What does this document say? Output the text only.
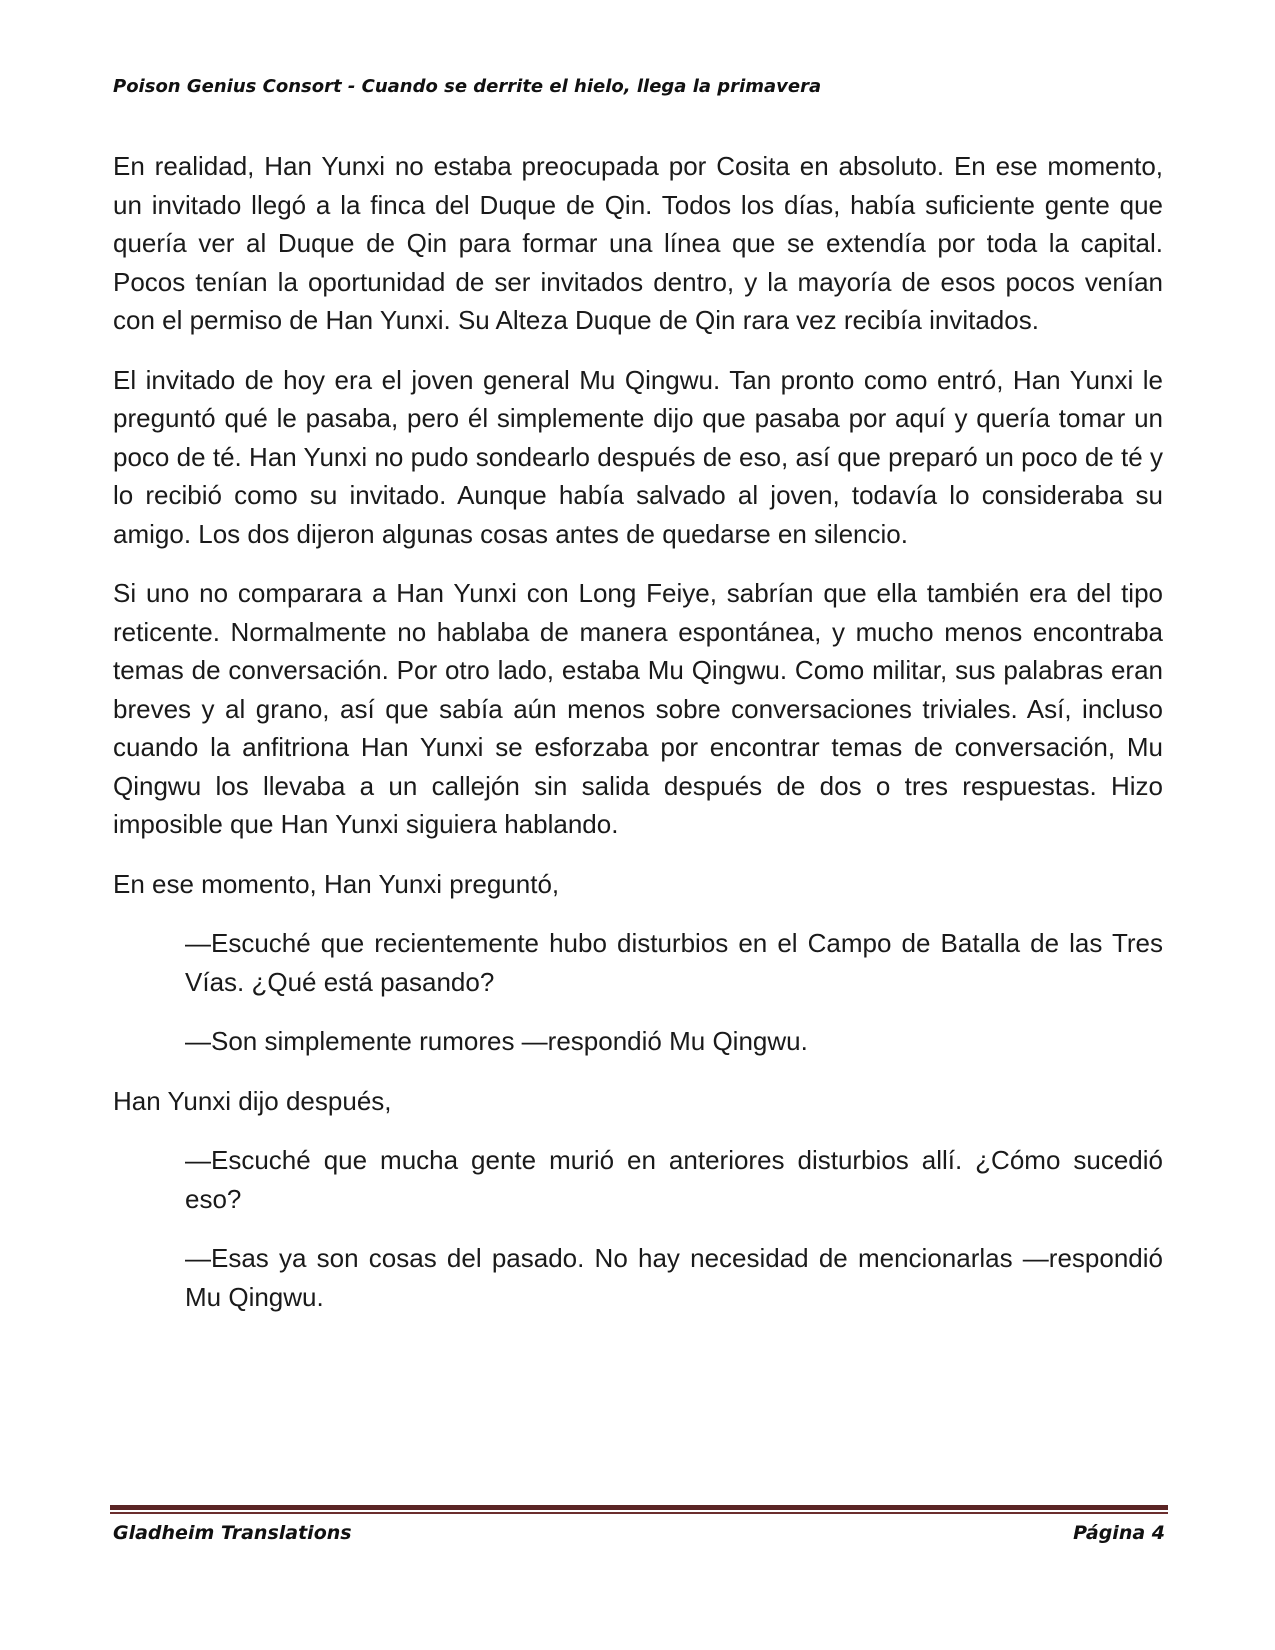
Poison Genius Consort - Cuando se derrite el hielo, llega la primavera

En realidad, Han Yunxi no estaba preocupada por Cosita en absoluto. En ese momento, un invitado llegó a la finca del Duque de Qin. Todos los días, había suficiente gente que quería ver al Duque de Qin para formar una línea que se extendía por toda la capital. Pocos tenían la oportunidad de ser invitados dentro, y la mayoría de esos pocos venían con el permiso de Han Yunxi. Su Alteza Duque de Qin rara vez recibía invitados.

El invitado de hoy era el joven general Mu Qingwu. Tan pronto como entró, Han Yunxi le preguntó qué le pasaba, pero él simplemente dijo que pasaba por aquí y quería tomar un poco de té. Han Yunxi no pudo sondearlo después de eso, así que preparó un poco de té y lo recibió como su invitado. Aunque había salvado al joven, todavía lo consideraba su amigo. Los dos dijeron algunas cosas antes de quedarse en silencio.

Si uno no comparara a Han Yunxi con Long Feiye, sabrían que ella también era del tipo reticente. Normalmente no hablaba de manera espontánea, y mucho menos encontraba temas de conversación. Por otro lado, estaba Mu Qingwu. Como militar, sus palabras eran breves y al grano, así que sabía aún menos sobre conversaciones triviales. Así, incluso cuando la anfitriona Han Yunxi se esforzaba por encontrar temas de conversación, Mu Qingwu los llevaba a un callejón sin salida después de dos o tres respuestas. Hizo imposible que Han Yunxi siguiera hablando.

En ese momento, Han Yunxi preguntó,

—Escuché que recientemente hubo disturbios en el Campo de Batalla de las Tres Vías. ¿Qué está pasando?

—Son simplemente rumores —respondió Mu Qingwu.

Han Yunxi dijo después,

—Escuché que mucha gente murió en anteriores disturbios allí. ¿Cómo sucedió eso?

—Esas ya son cosas del pasado. No hay necesidad de mencionarlas —respondió Mu Qingwu.

Gladheim Translations	Página 4
